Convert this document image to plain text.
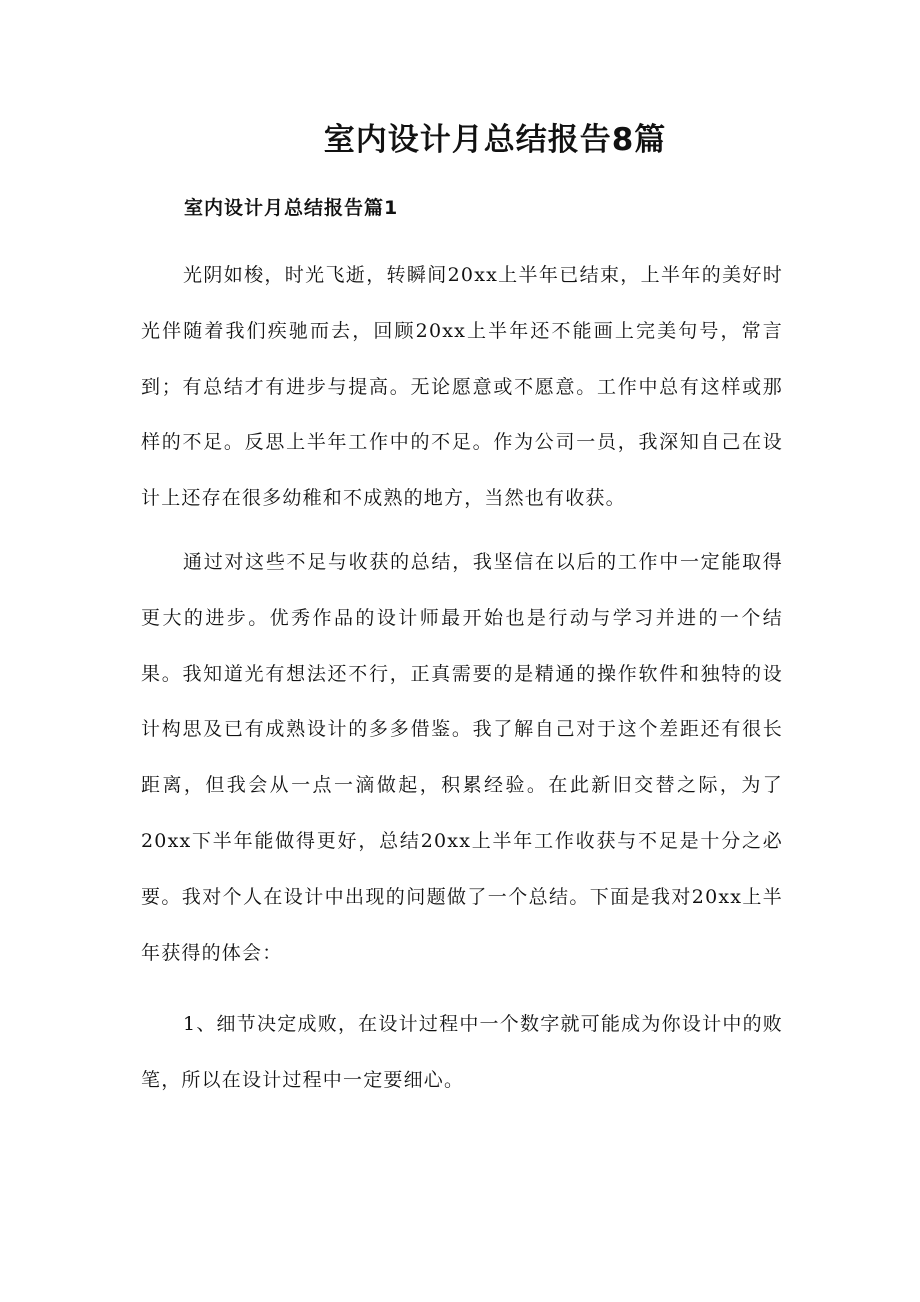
室内设计月总结报告8篇
室内设计月总结报告篇1

光阴如梭，时光飞逝，转瞬间20xx上半年已结束，上半年的美好时光伴随着我们疾驰而去，回顾20xx上半年还不能画上完美句号，常言到；有总结才有进步与提高。无论愿意或不愿意。工作中总有这样或那样的不足。反思上半年工作中的不足。作为公司一员，我深知自己在设计上还存在很多幼稚和不成熟的地方，当然也有收获。

通过对这些不足与收获的总结，我坚信在以后的工作中一定能取得更大的进步。优秀作品的设计师最开始也是行动与学习并进的一个结果。我知道光有想法还不行，正真需要的是精通的操作软件和独特的设计构思及已有成熟设计的多多借鉴。我了解自己对于这个差距还有很长距离，但我会从一点一滴做起，积累经验。在此新旧交替之际，为了20xx下半年能做得更好，总结20xx上半年工作收获与不足是十分之必要。我对个人在设计中出现的问题做了一个总结。下面是我对20xx上半年获得的体会：

1、细节决定成败，在设计过程中一个数字就可能成为你设计中的败笔，所以在设计过程中一定要细心。
